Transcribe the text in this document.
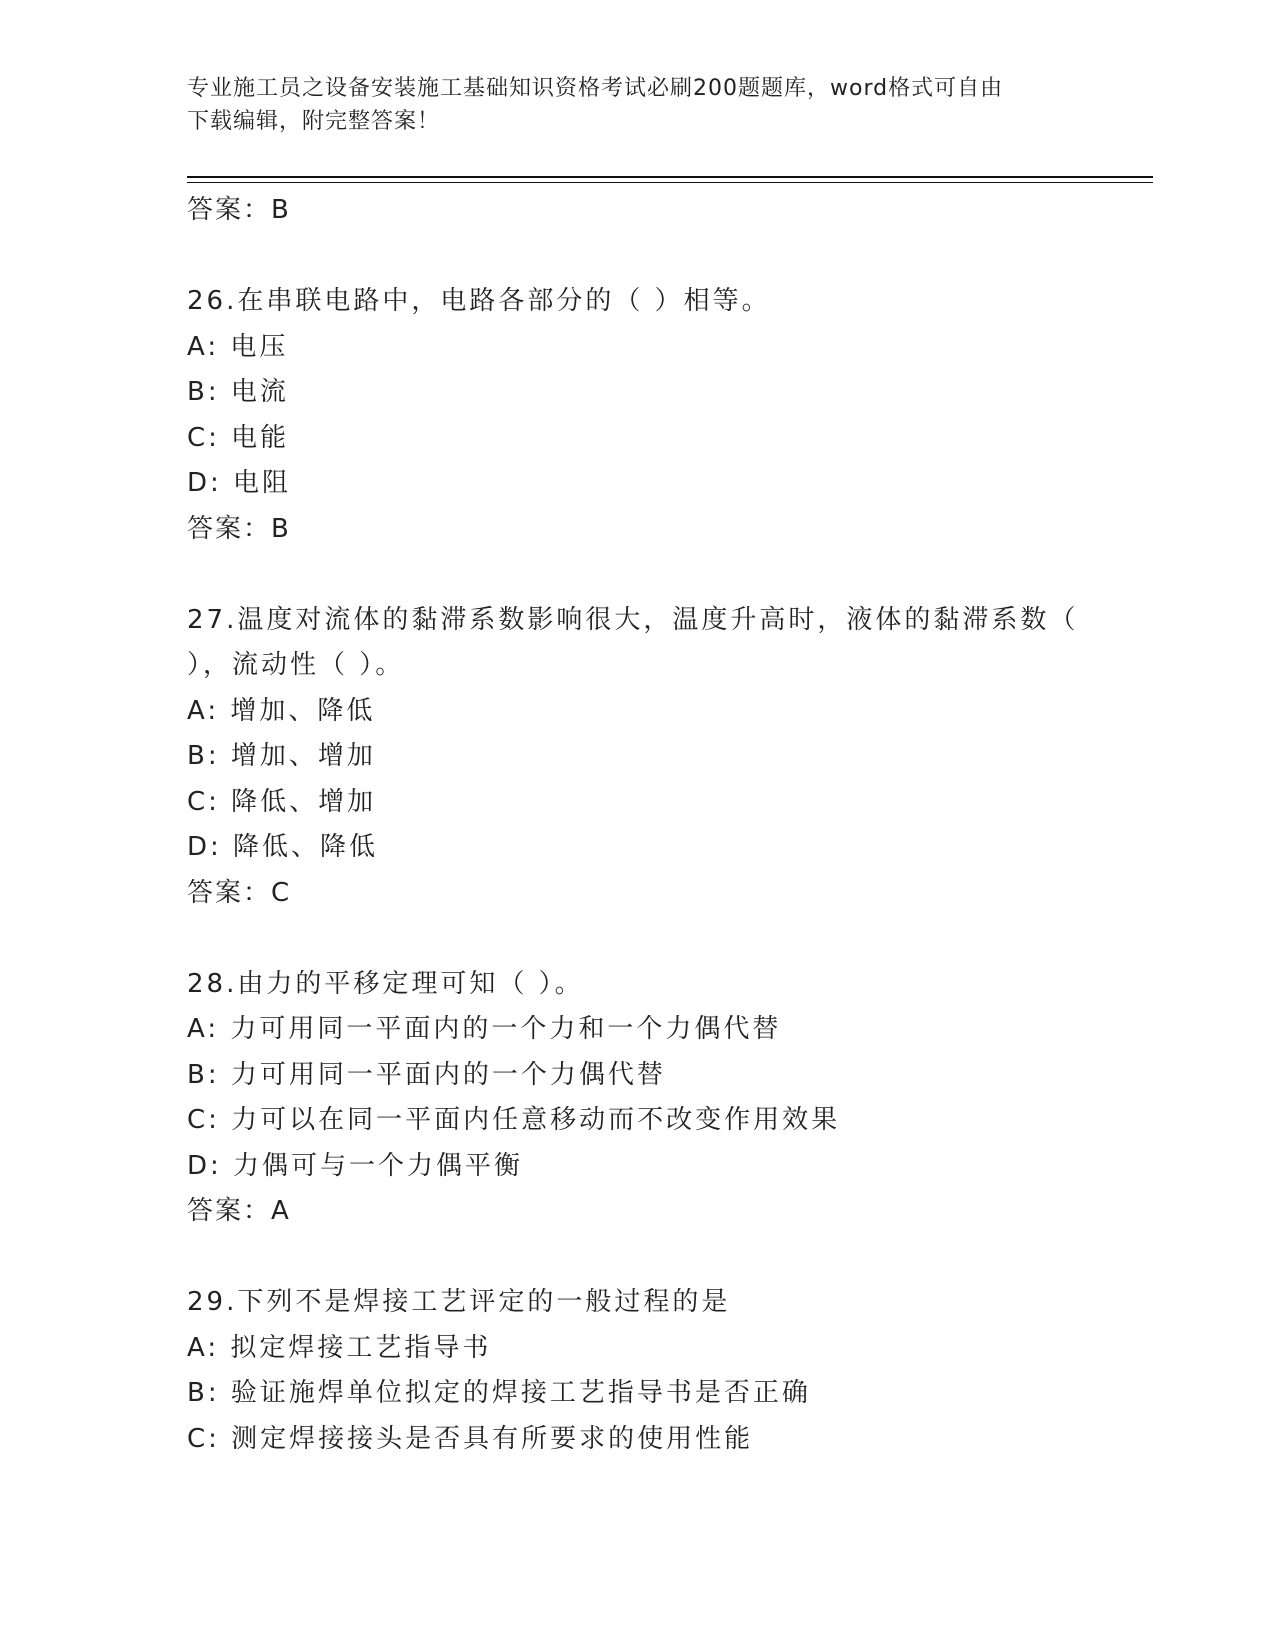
专业施工员之设备安装施工基础知识资格考试必刷200题题库，word格式可自由
下载编辑，附完整答案！
答案：B
26.在串联电路中，电路各部分的（ ）相等。
A: 电压
B: 电流
C: 电能
D: 电阻
答案：B
27.温度对流体的黏滞系数影响很大，温度升高时，液体的黏滞系数（
），流动性（ ）。
A: 增加、降低
B: 增加、增加
C: 降低、增加
D: 降低、降低
答案：C
28.由力的平移定理可知（ ）。
A: 力可用同一平面内的一个力和一个力偶代替
B: 力可用同一平面内的一个力偶代替
C: 力可以在同一平面内任意移动而不改变作用效果
D: 力偶可与一个力偶平衡
答案：A
29.下列不是焊接工艺评定的一般过程的是
A: 拟定焊接工艺指导书
B: 验证施焊单位拟定的焊接工艺指导书是否正确
C: 测定焊接接头是否具有所要求的使用性能
